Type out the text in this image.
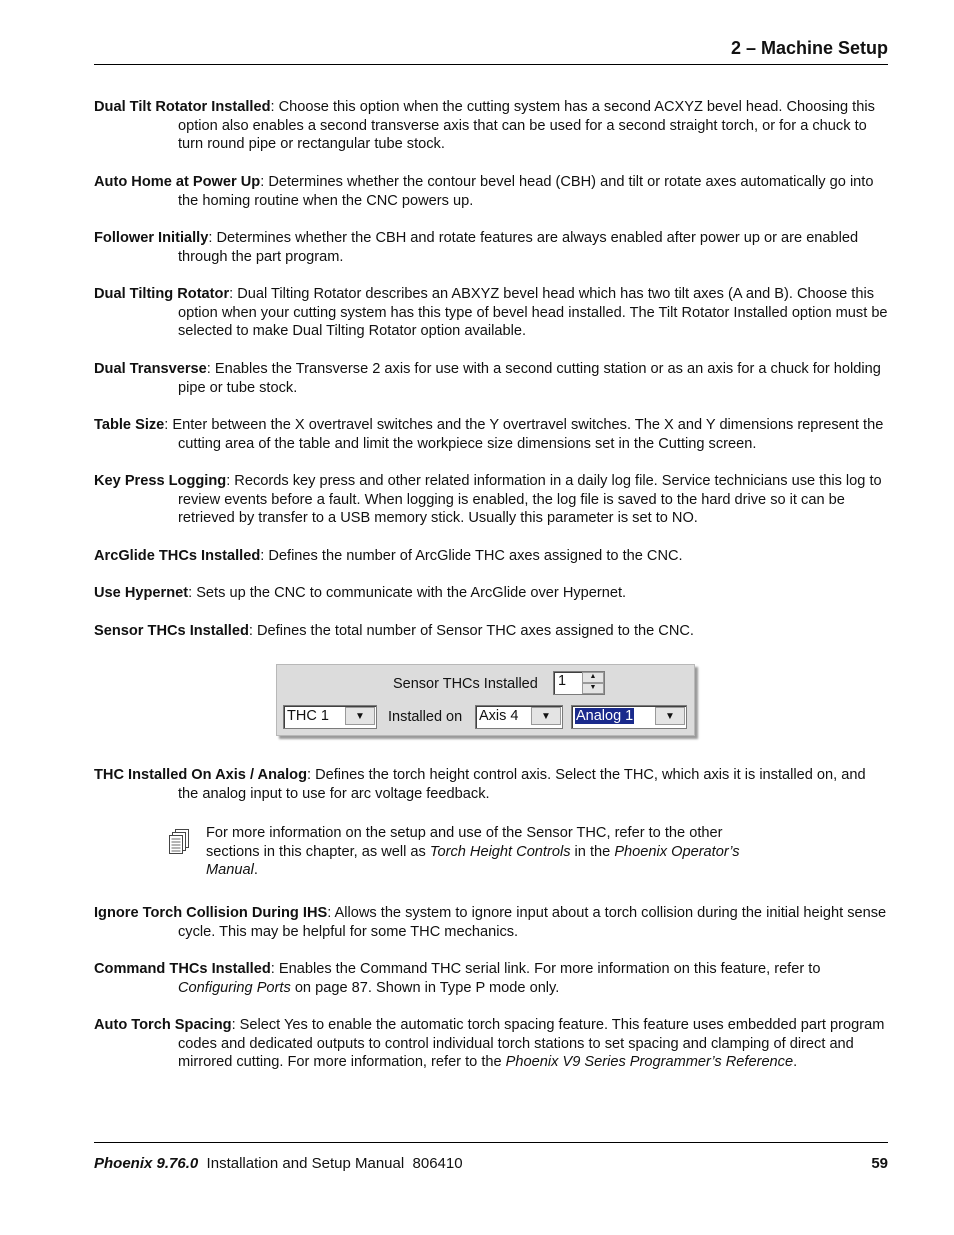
2 – Machine Setup
Dual Tilt Rotator Installed: Choose this option when the cutting system has a second ACXYZ bevel head. Choosing this option also enables a second transverse axis that can be used for a second straight torch, or for a chuck to turn round pipe or rectangular tube stock.
Auto Home at Power Up: Determines whether the contour bevel head (CBH) and tilt or rotate axes automatically go into the homing routine when the CNC powers up.
Follower Initially: Determines whether the CBH and rotate features are always enabled after power up or are enabled through the part program.
Dual Tilting Rotator: Dual Tilting Rotator describes an ABXYZ bevel head which has two tilt axes (A and B). Choose this option when your cutting system has this type of bevel head installed. The Tilt Rotator Installed option must be selected to make Dual Tilting Rotator option available.
Dual Transverse: Enables the Transverse 2 axis for use with a second cutting station or as an axis for a chuck for holding pipe or tube stock.
Table Size: Enter between the X overtravel switches and the Y overtravel switches. The X and Y dimensions represent the cutting area of the table and limit the workpiece size dimensions set in the Cutting screen.
Key Press Logging: Records key press and other related information in a daily log file. Service technicians use this log to review events before a fault. When logging is enabled, the log file is saved to the hard drive so it can be retrieved by transfer to a USB memory stick. Usually this parameter is set to NO.
ArcGlide THCs Installed: Defines the number of ArcGlide THC axes assigned to the CNC.
Use Hypernet: Sets up the CNC to communicate with the ArcGlide over Hypernet.
Sensor THCs Installed: Defines the total number of Sensor THC axes assigned to the CNC.
Sensor THCs Installed 1	▲
▼
THC 1	▼	Installed on Axis 4	▼	Analog 1	▼
THC Installed On Axis / Analog: Defines the torch height control axis. Select the THC, which axis it is installed on, and the analog input to use for arc voltage feedback.
For more information on the setup and use of the Sensor THC, refer to the other sections in this chapter, as well as Torch Height Controls in the Phoenix Operator’s Manual.
Ignore Torch Collision During IHS: Allows the system to ignore input about a torch collision during the initial height sense cycle. This may be helpful for some THC mechanics.
Command THCs Installed: Enables the Command THC serial link. For more information on this feature, refer to Configuring Ports on page 87. Shown in Type P mode only.
Auto Torch Spacing: Select Yes to enable the automatic torch spacing feature. This feature uses embedded part program codes and dedicated outputs to control individual torch stations to set spacing and clamping of direct and mirrored cutting. For more information, refer to the Phoenix V9 Series Programmer’s Reference.
Phoenix 9.76.0  Installation and Setup Manual  806410	59
